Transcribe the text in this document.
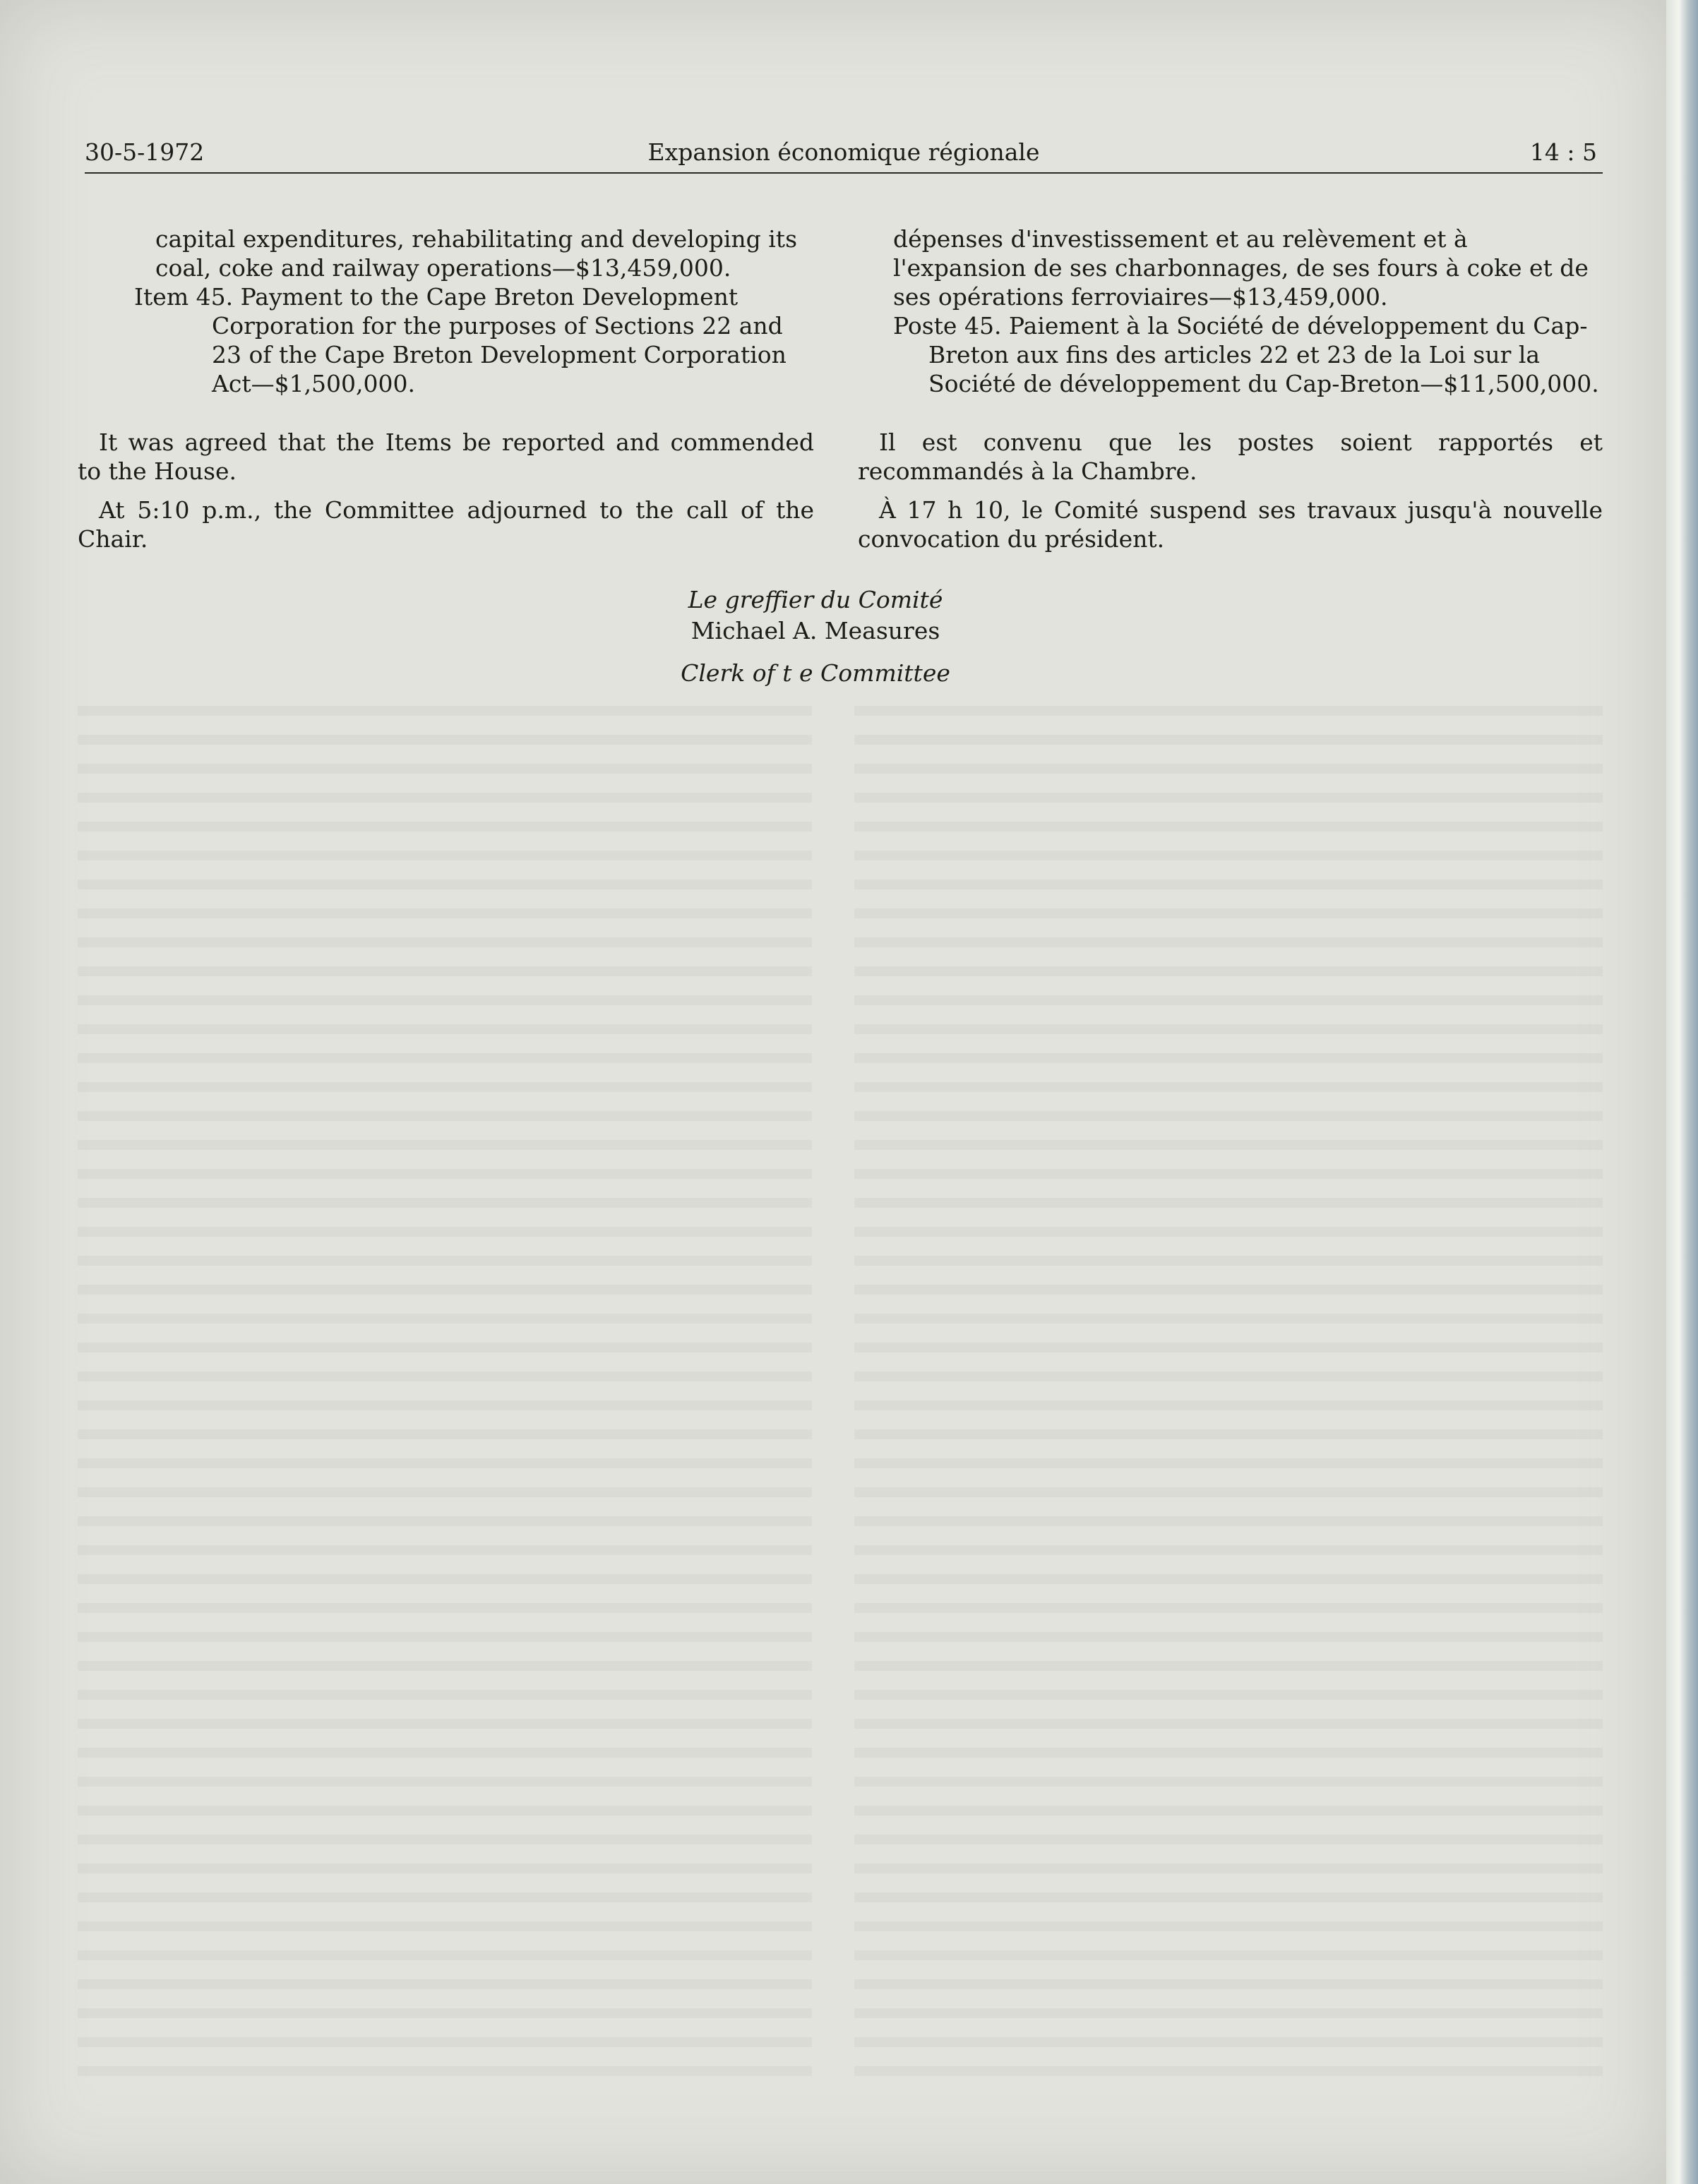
30-5-1972	Expansion économique régionale	14 : 5

capital expenditures, rehabilitating and developing its coal, coke and railway operations—$13,459,000.

Item 45. Payment to the Cape Breton Development Corporation for the purposes of Sections 22 and 23 of the Cape Breton Development Corporation Act—$1,500,000.

It was agreed that the Items be reported and commended to the House.

At 5:10 p.m., the Committee adjourned to the call of the Chair.

dépenses d'investissement et au relèvement et à l'expansion de ses charbonnages, de ses fours à coke et de ses opérations ferroviaires—$13,459,000.

Poste 45. Paiement à la Société de développement du Cap-Breton aux fins des articles 22 et 23 de la Loi sur la Société de développement du Cap-Breton—$11,500,000.

Il est convenu que les postes soient rapportés et recommandés à la Chambre.

À 17 h 10, le Comité suspend ses travaux jusqu'à nouvelle convocation du président.

Le greffier du Comité
Michael A. Measures
Clerk of t e Committee
